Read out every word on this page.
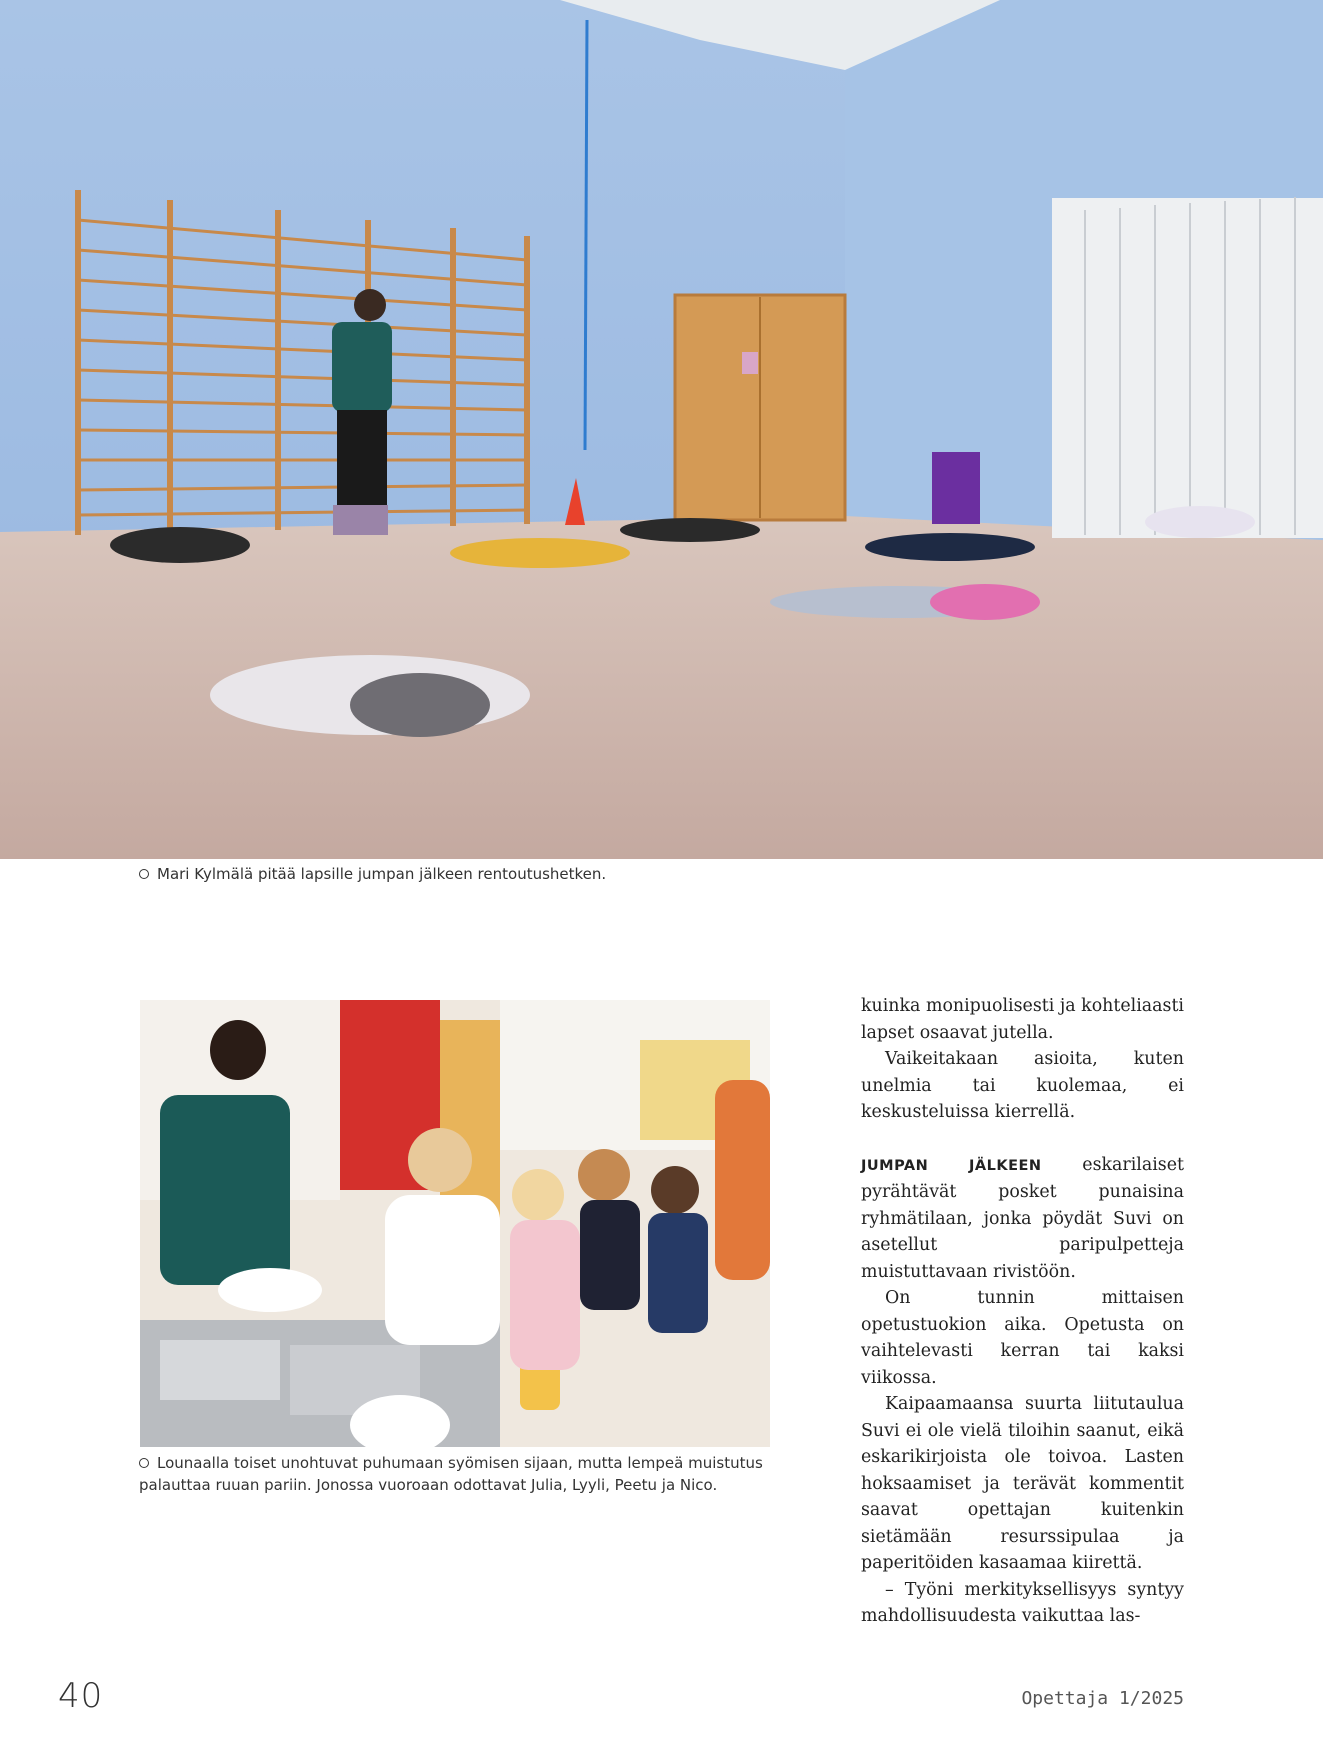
Mari Kylmälä pitää lapsille jumpan jälkeen rentoutushetken.
Lounaalla toiset unohtuvat puhumaan syömisen sijaan, mutta lempeä muistutus palauttaa ruuan pariin. Jonossa vuoroaan odottavat Julia, Lyyli, Peetu ja Nico.

kuinka monipuolisesti ja kohteliaasti lapset osaavat jutella.

Vaikeitakaan asioita, kuten unelmia tai kuolemaa, ei keskusteluissa kierrellä.

JUMPAN JÄLKEEN eskarilaiset pyrähtävät posket punaisina ryhmätilaan, jonka pöydät Suvi on asetellut paripulpetteja muistuttavaan rivistöön.

On tunnin mittaisen opetustuokion aika. Opetusta on vaihtelevasti kerran tai kaksi viikossa.

Kaipaamaansa suurta liitutaulua Suvi ei ole vielä tiloihin saanut, eikä eskarikirjoista ole toivoa. Lasten hoksaamiset ja terävät kommentit saavat opettajan kuitenkin sietämään resurssipulaa ja paperitöiden kasaamaa kiirettä.

– Työni merkityksellisyys syntyy mahdollisuudesta vaikuttaa las-

40	Opettaja 1/2025
